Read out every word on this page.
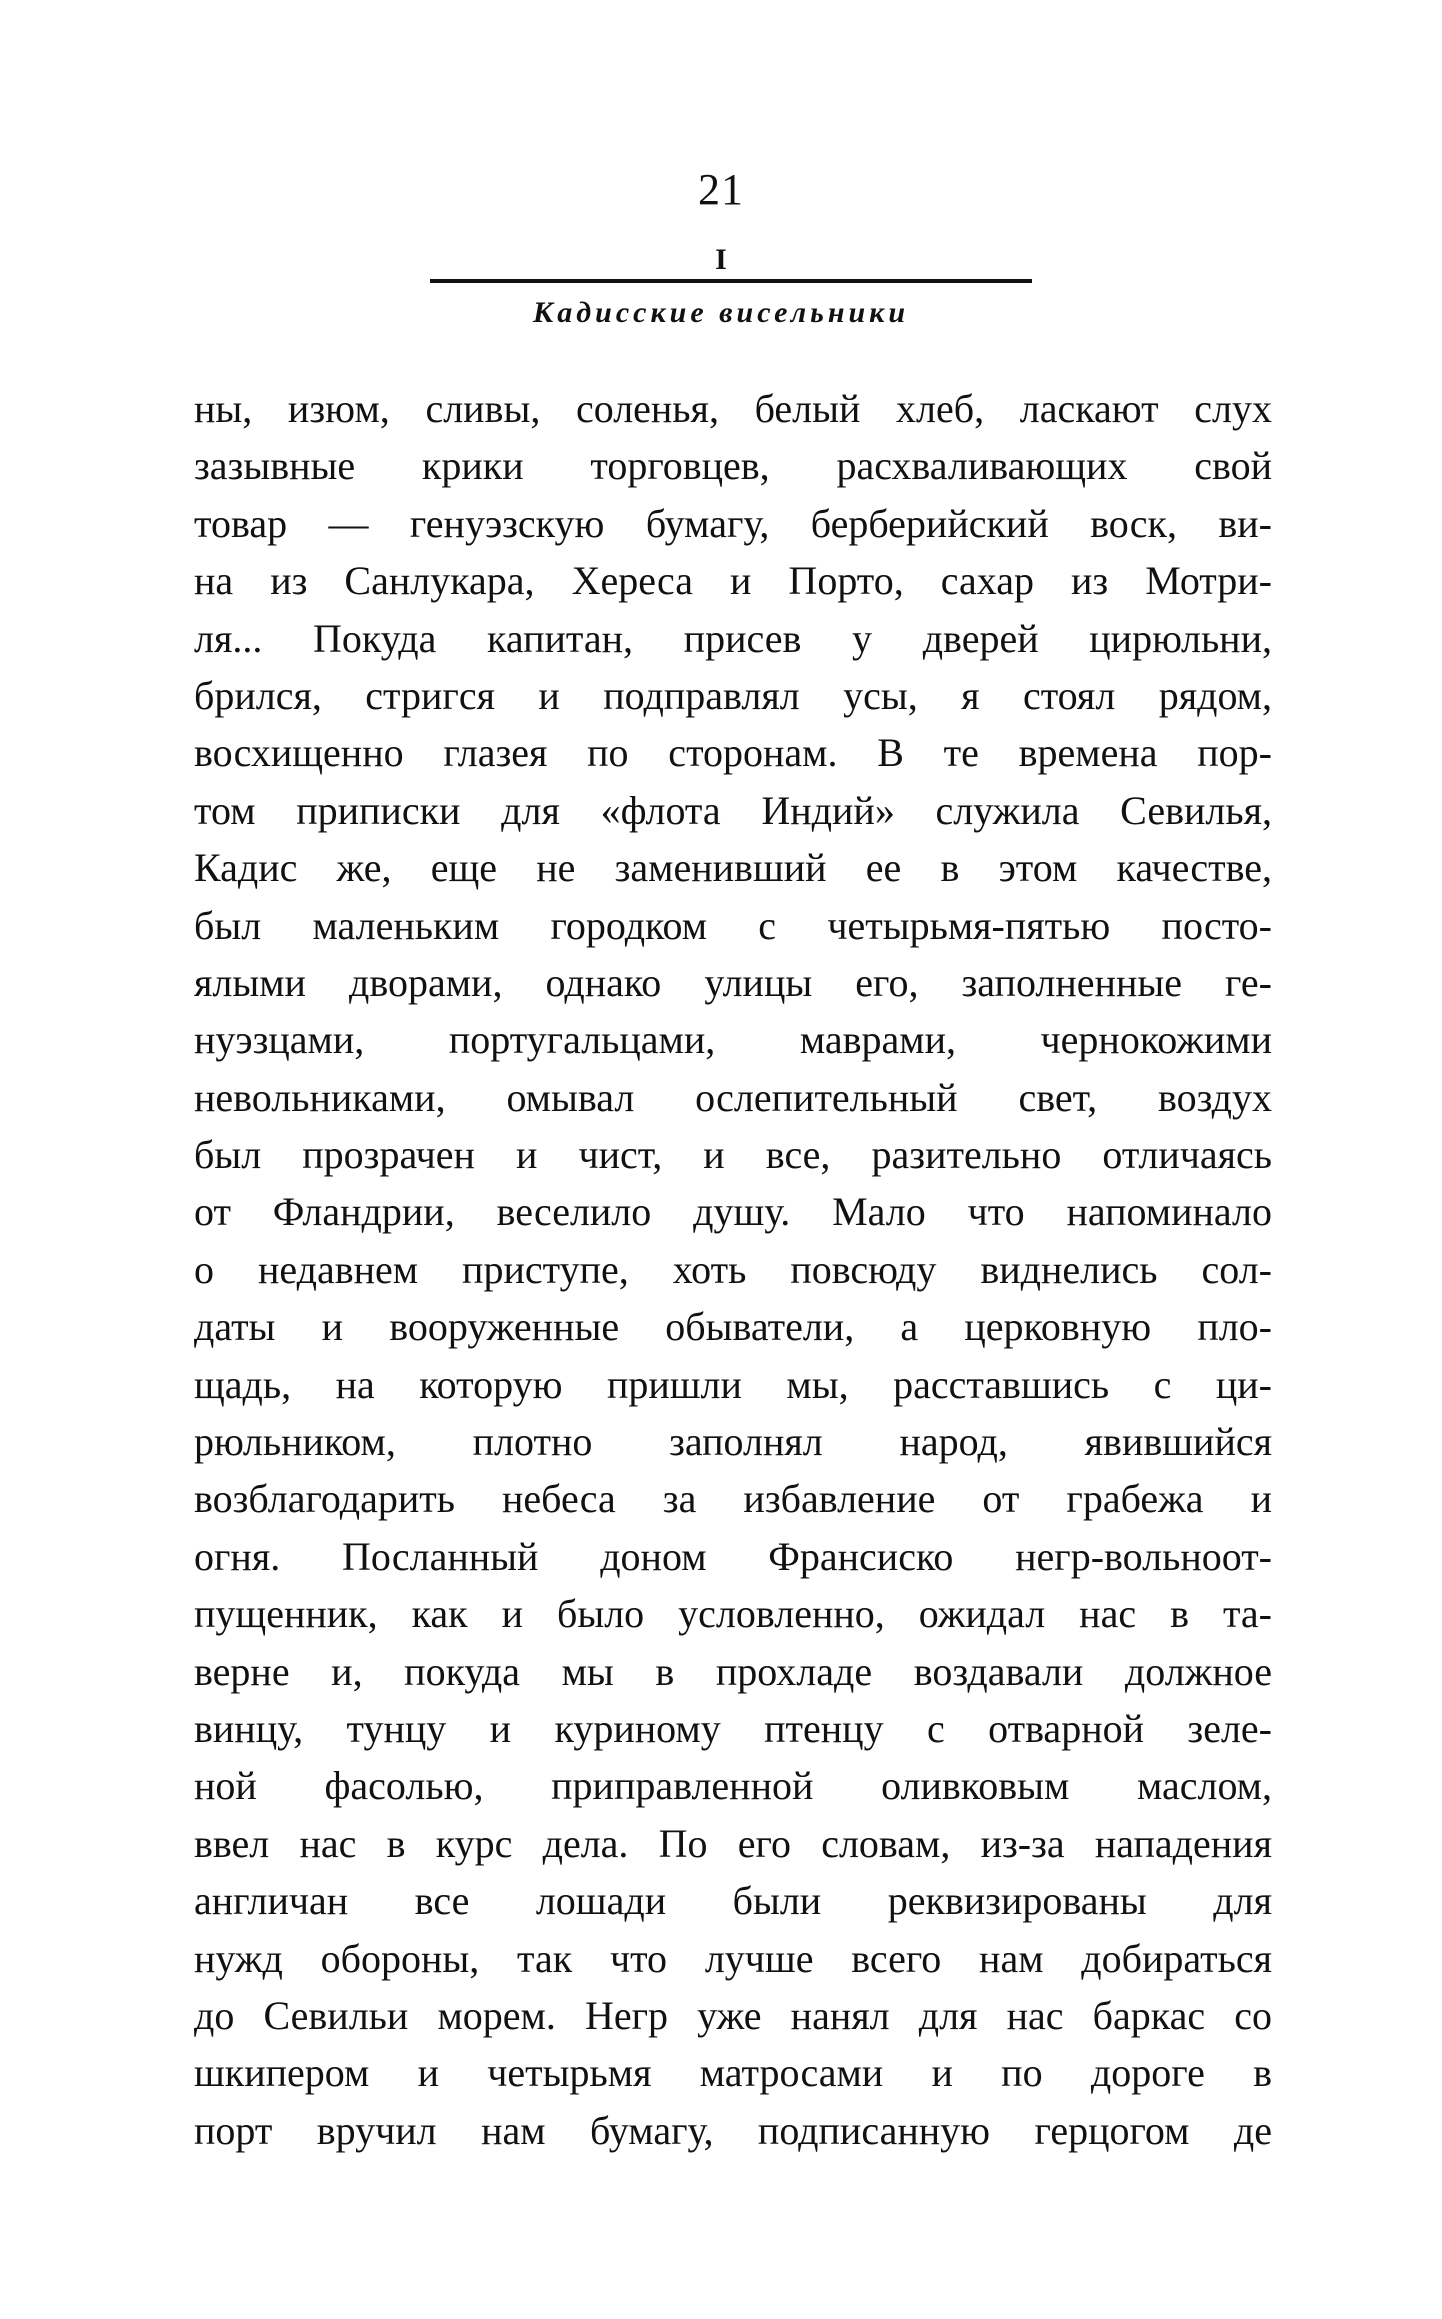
21
I
Кадисские висельники
ны, изюм, сливы, соленья, белый хлеб, ласкают слух
зазывные крики торговцев, расхваливающих свой
товар — генуэзскую бумагу, берберийский воск, ви-
на из Санлукара, Хереса и Порто, сахар из Мотри-
ля... Покуда капитан, присев у дверей цирюльни,
брился, стригся и подправлял усы, я стоял рядом,
восхищенно глазея по сторонам. В те времена пор-
том приписки для «флота Индий» служила Севилья,
Кадис же, еще не заменивший ее в этом качестве,
был маленьким городком с четырьмя-пятью посто-
ялыми дворами, однако улицы его, заполненные ге-
нуэзцами, португальцами, маврами, чернокожими
невольниками, омывал ослепительный свет, воздух
был прозрачен и чист, и все, разительно отличаясь
от Фландрии, веселило душу. Мало что напоминало
о недавнем приступе, хоть повсюду виднелись сол-
даты и вооруженные обыватели, а церковную пло-
щадь, на которую пришли мы, расставшись с ци-
рюльником, плотно заполнял народ, явившийся
возблагодарить небеса за избавление от грабежа и
огня. Посланный доном Франсиско негр-вольноот-
пущенник, как и было условленно, ожидал нас в та-
верне и, покуда мы в прохладе воздавали должное
винцу, тунцу и куриному птенцу с отварной зеле-
ной фасолью, приправленной оливковым маслом,
ввел нас в курс дела. По его словам, из-за нападения
англичан все лошади были реквизированы для
нужд обороны, так что лучше всего нам добираться
до Севильи морем. Негр уже нанял для нас баркас со
шкипером и четырьмя матросами и по дороге в
порт вручил нам бумагу, подписанную герцогом де
